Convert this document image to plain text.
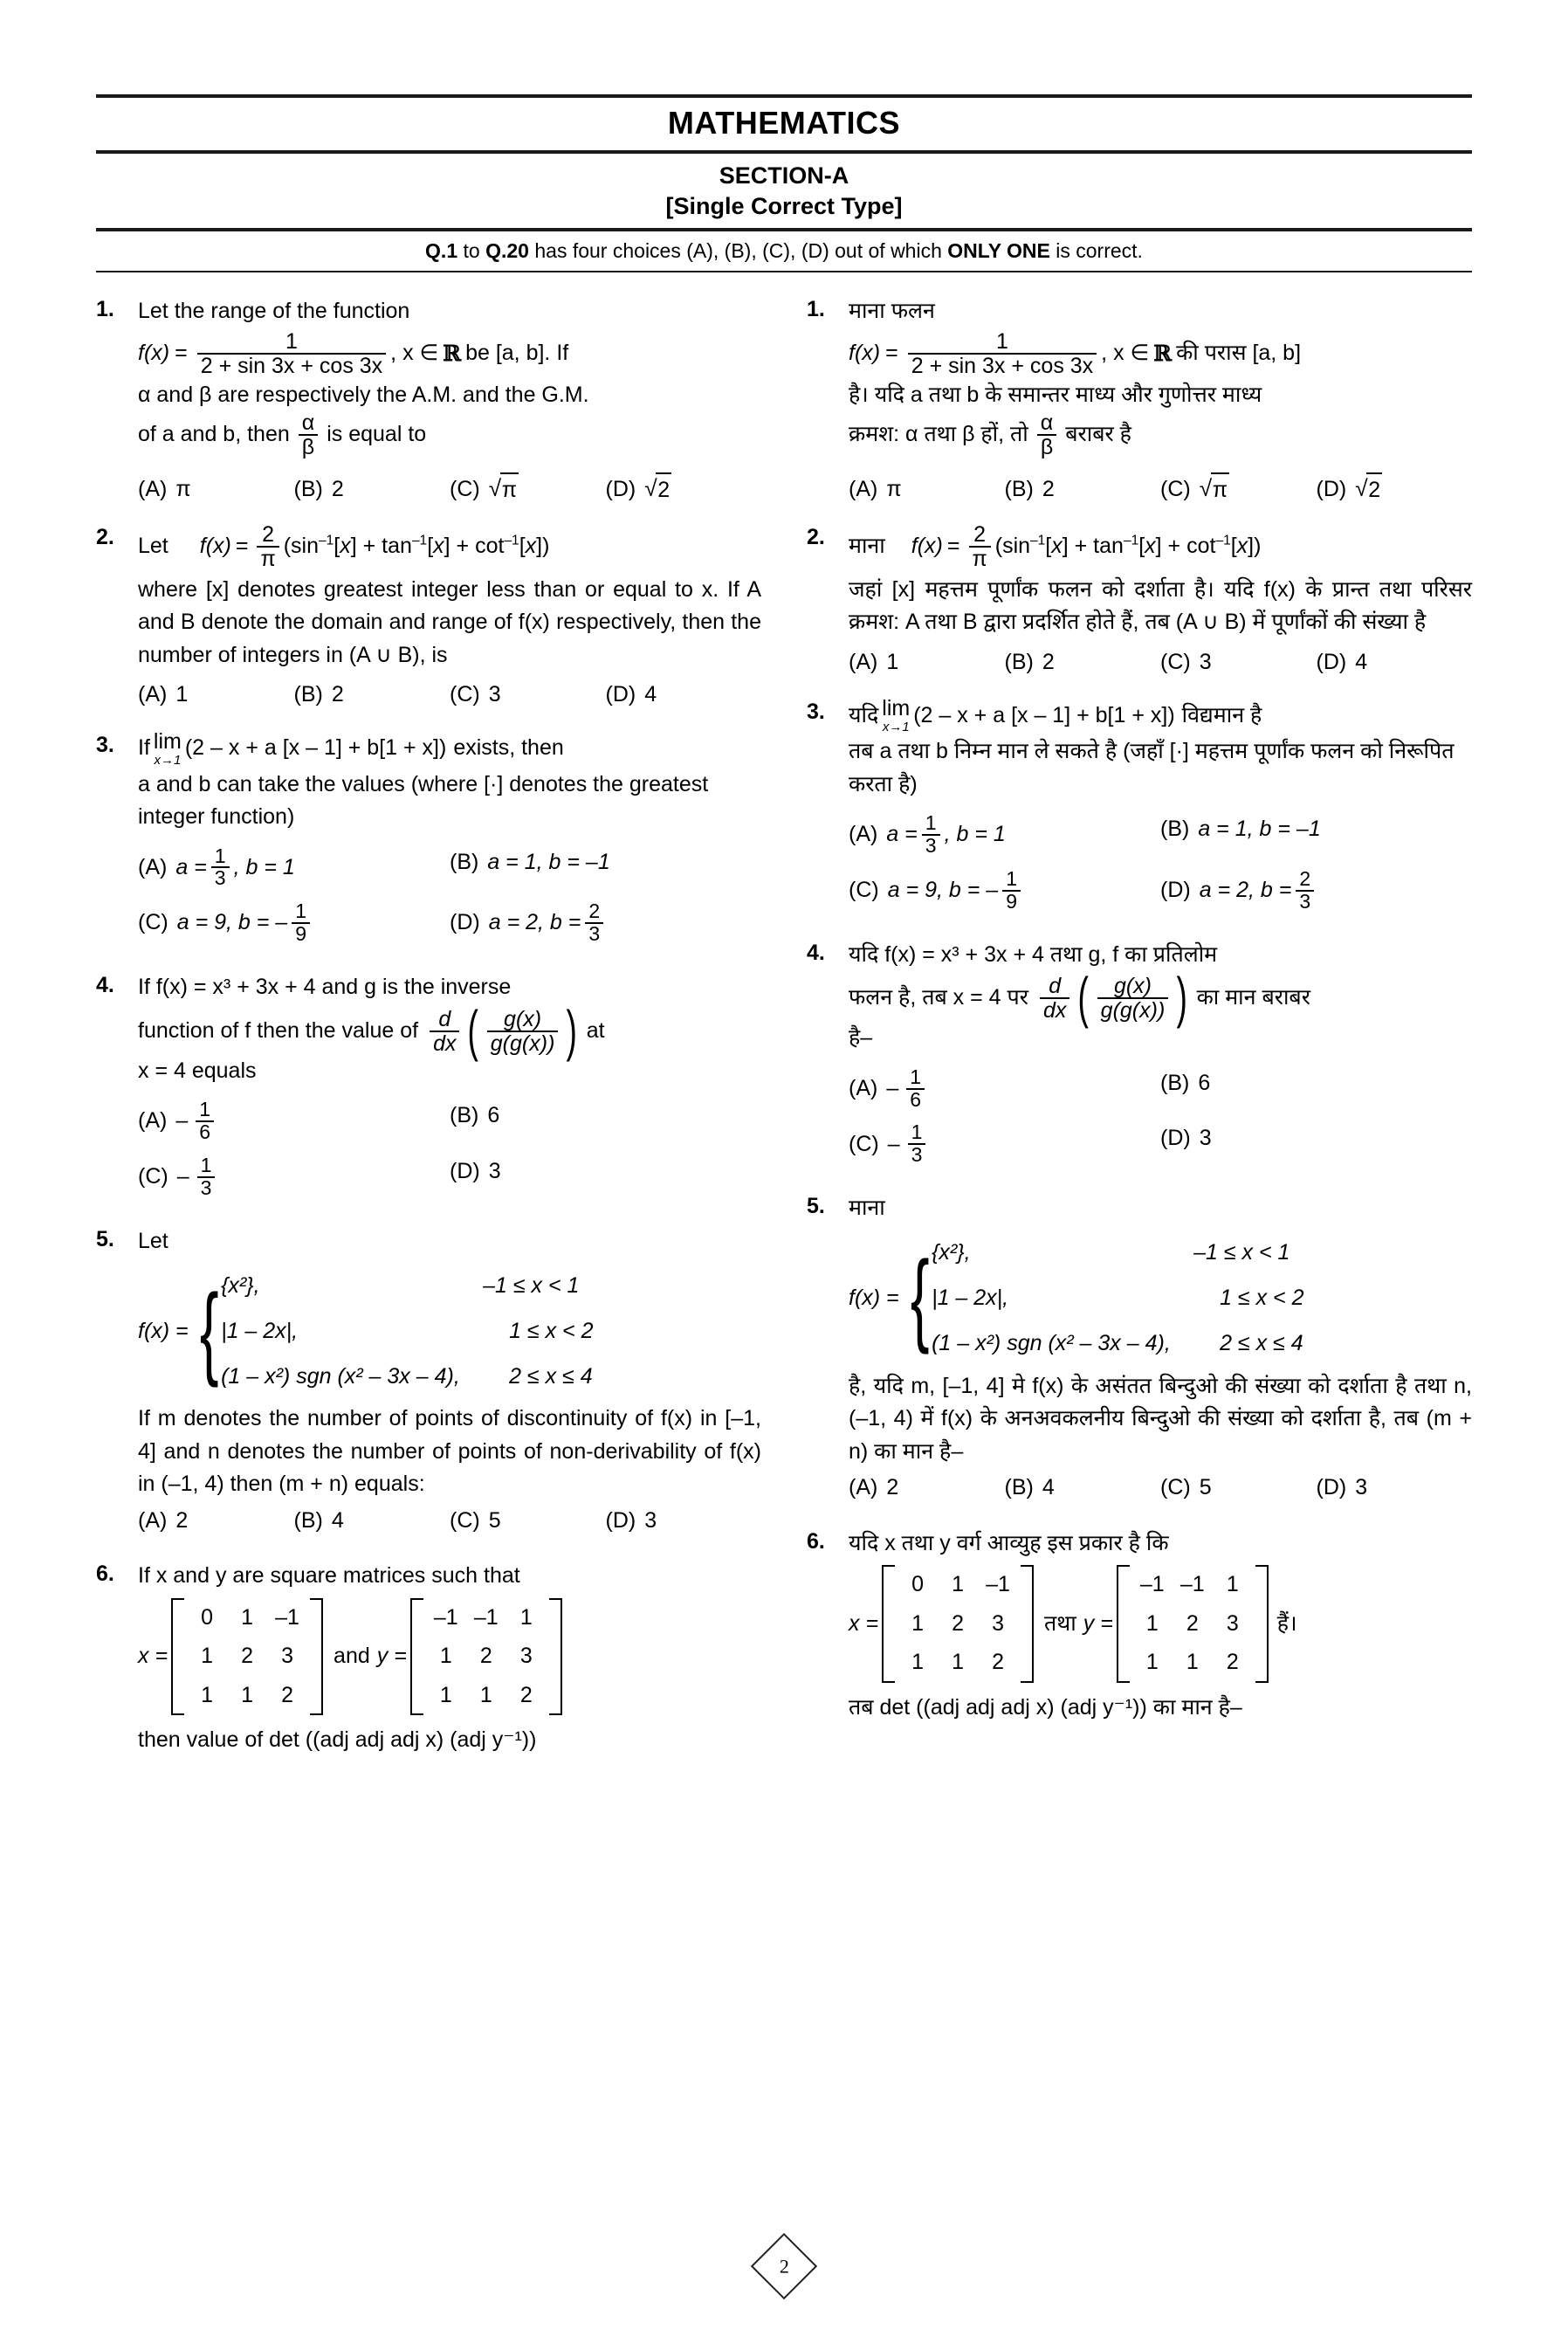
MATHEMATICS
SECTION-A
[Single Correct Type]
Q.1 to Q.20 has four choices (A), (B), (C), (D) out of which ONLY ONE is correct.
1.	Let the range of the function
$f(x) = \frac{1}{2 + \sin 3x + \cos 3x}$ , x ∈ ℝ be [a, b]. If
α and β are respectively the A.M. and the G.M.
of a and b, then $\frac{\alpha}{\beta}$ is equal to
(A) π	(B) 2	(C)	√ π	(D)	√ 2
2.	Let $f(x) = \frac{2}{\pi} (\sin^{-1}[x] + \tan^{-1}[x] + \cot^{-1}[x])$
where [x] denotes greatest integer less than or equal to x. If A and B denote the domain and range of f(x) respectively, then the number of integers in (A ∪ B), is
(A) 1	(B) 2	(C) 3	(D) 4
3.	If lim
x→1 (2 – x + a [x – 1] + b[1 + x]) exists, then
a and b can take the values (where [·] denotes the greatest integer function)
(A) $a = \frac{1}{3}$ , b = 1	(B) a = 1, b = –1
(C) a = 9, b = – $\frac{1}{9}$	(D) a = 2, $b = \frac{2}{3}$
4.	If f(x) = x³ + 3x + 4 and g is the inverse
function of f then the value of $\frac{d}{dx}$ ( $\frac{g(x)}{g(g(x))}$ ) at
x = 4 equals
$(A) - \frac{1}{6}$	(B) 6
$(C) - \frac{1}{3}$	(D) 3
5.	Let
f(x) = { {x²},	–1 ≤ x < 1
|1 – 2x|,	1 ≤ x < 2
(1 – x²) sgn (x² – 3x – 4),	2 ≤ x ≤ 4
If m denotes the number of points of discontinuity of f(x) in [–1, 4] and n denotes the number of points of non-derivability of f(x) in (–1, 4) then (m + n) equals:
(A) 2	(B) 4	(C) 5	(D) 3
6.	If x and y are square matrices such that
x =
0	1	–1
1	2	3
1	1	2
and y =
–1 –1	1
1	2	3
1	1	2
then value of det ((adj adj adj x) (adj y⁻¹))
1.	माना फलन
$f(x) = \frac{1}{2 + \sin 3x + \cos 3x}$ , x ∈ ℝ की परास [a, b]
है। यदि a तथा b के समान्तर माध्य और गुणोत्तर माध्य
क्रमश: α तथा β हों, तो $\frac{\alpha}{\beta}$ बराबर है
(A) π	(B) 2	(C)	√ π	(D)	√ 2
2.	माना $f(x) = \frac{2}{\pi} (\sin^{-1}[x] + \tan^{-1}[x] + \cot^{-1}[x])$
जहां [x] महत्तम पूर्णांक फलन को दर्शाता है। यदि f(x) के प्रान्त तथा परिसर क्रमश: A तथा B द्वारा प्रदर्शित होते हैं, तब (A ∪ B) में पूर्णांकों की संख्या है
(A) 1	(B) 2	(C) 3	(D) 4
3.	यदि lim
x→1 (2 – x + a [x – 1] + b[1 + x]) विद्यमान है
तब a तथा b निम्न मान ले सकते है (जहाँ [·] महत्तम पूर्णांक फलन को निरूपित करता है)
(A) $a = \frac{1}{3}$ , b = 1	(B) a = 1, b = –1
(C) a = 9, b = – $\frac{1}{9}$	(D) a = 2, $b = \frac{2}{3}$
4.	यदि f(x) = x³ + 3x + 4 तथा g, f का प्रतिलोम
फलन है, तब x = 4 पर $\frac{d}{dx}$ ( $\frac{g(x)}{g(g(x))}$ ) का मान बराबर
है–
$(A) - \frac{1}{6}$	(B) 6
$(C) - \frac{1}{3}$	(D) 3
5.	माना
f(x) = { {x²},	–1 ≤ x < 1
|1 – 2x|,	1 ≤ x < 2
(1 – x²) sgn (x² – 3x – 4),	2 ≤ x ≤ 4
है, यदि m, [–1, 4] मे f(x) के असंतत बिन्दुओ की संख्या को दर्शाता है तथा n, (–1, 4) में f(x) के अनअवकलनीय बिन्दुओ की संख्या को दर्शाता है, तब (m + n) का मान है–
(A) 2	(B) 4	(C) 5	(D) 3
6.	यदि x तथा y वर्ग आव्युह इस प्रकार है कि
x =
0	1	–1
1	2	3
1	1	2
तथा y =
–1 –1	1
1	2	3
1	1	2
हैं।
तब det ((adj adj adj x) (adj y⁻¹)) का मान है–
2
